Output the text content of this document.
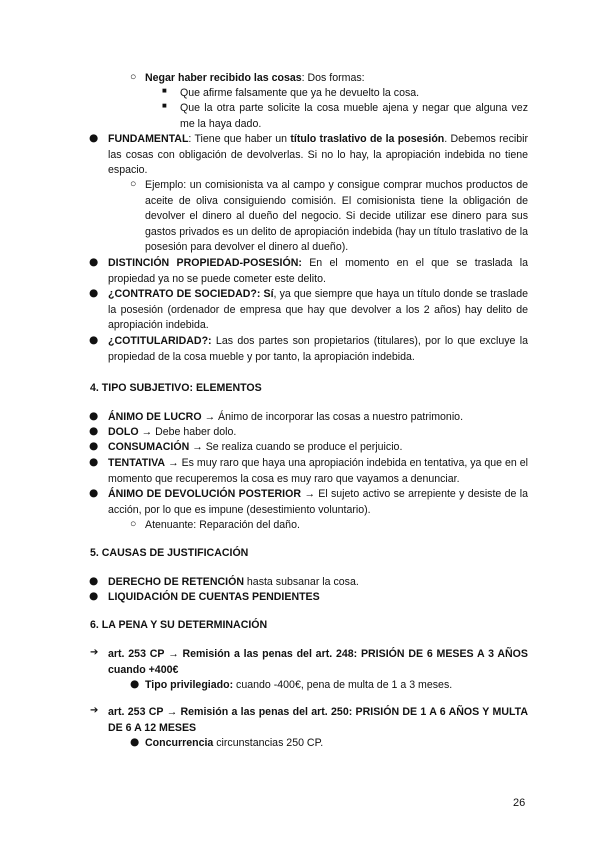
○ Negar haber recibido las cosas: Dos formas:

■ Que afirme falsamente que ya he devuelto la cosa.

■ Que la otra parte solicite la cosa mueble ajena y negar que alguna vez me la haya dado.

● FUNDAMENTAL: Tiene que haber un título traslativo de la posesión. Debemos recibir las cosas con obligación de devolverlas. Si no lo hay, la apropiación indebida no tiene espacio.

○ Ejemplo: un comisionista va al campo y consigue comprar muchos productos de aceite de oliva consiguiendo comisión. El comisionista tiene la obligación de devolver el dinero al dueño del negocio. Si decide utilizar ese dinero para sus gastos privados es un delito de apropiación indebida (hay un título traslativo de la posesión para devolver el dinero al dueño).

● DISTINCIÓN PROPIEDAD-POSESIÓN: En el momento en el que se traslada la propiedad ya no se puede cometer este delito.

● ¿CONTRATO DE SOCIEDAD?: Sí, ya que siempre que haya un título donde se traslade la posesión (ordenador de empresa que hay que devolver a los 2 años) hay delito de apropiación indebida.

● ¿COTITULARIDAD?: Las dos partes son propietarios (titulares), por lo que excluye la propiedad de la cosa mueble y por tanto, la apropiación indebida.

4. TIPO SUBJETIVO: ELEMENTOS
● ÁNIMO DE LUCRO → Ánimo de incorporar las cosas a nuestro patrimonio.

● DOLO → Debe haber dolo.

● CONSUMACIÓN → Se realiza cuando se produce el perjuicio.

● TENTATIVA → Es muy raro que haya una apropiación indebida en tentativa, ya que en el momento que recuperemos la cosa es muy raro que vayamos a denunciar.

● ÁNIMO DE DEVOLUCIÓN POSTERIOR → El sujeto activo se arrepiente y desiste de la acción, por lo que es impune (desestimiento voluntario).

○ Atenuante: Reparación del daño.

5. CAUSAS DE JUSTIFICACIÓN
● DERECHO DE RETENCIÓN hasta subsanar la cosa.

● LIQUIDACIÓN DE CUENTAS PENDIENTES

6. LA PENA Y SU DETERMINACIÓN
➔ art. 253 CP → Remisión a las penas del art. 248: PRISIÓN DE 6 MESES A 3 AÑOS cuando +400€

● Tipo privilegiado: cuando -400€, pena de multa de 1 a 3 meses.

➔ art. 253 CP → Remisión a las penas del art. 250: PRISIÓN DE 1 A 6 AÑOS Y MULTA DE 6 A 12 MESES

● Concurrencia circunstancias 250 CP.

26
